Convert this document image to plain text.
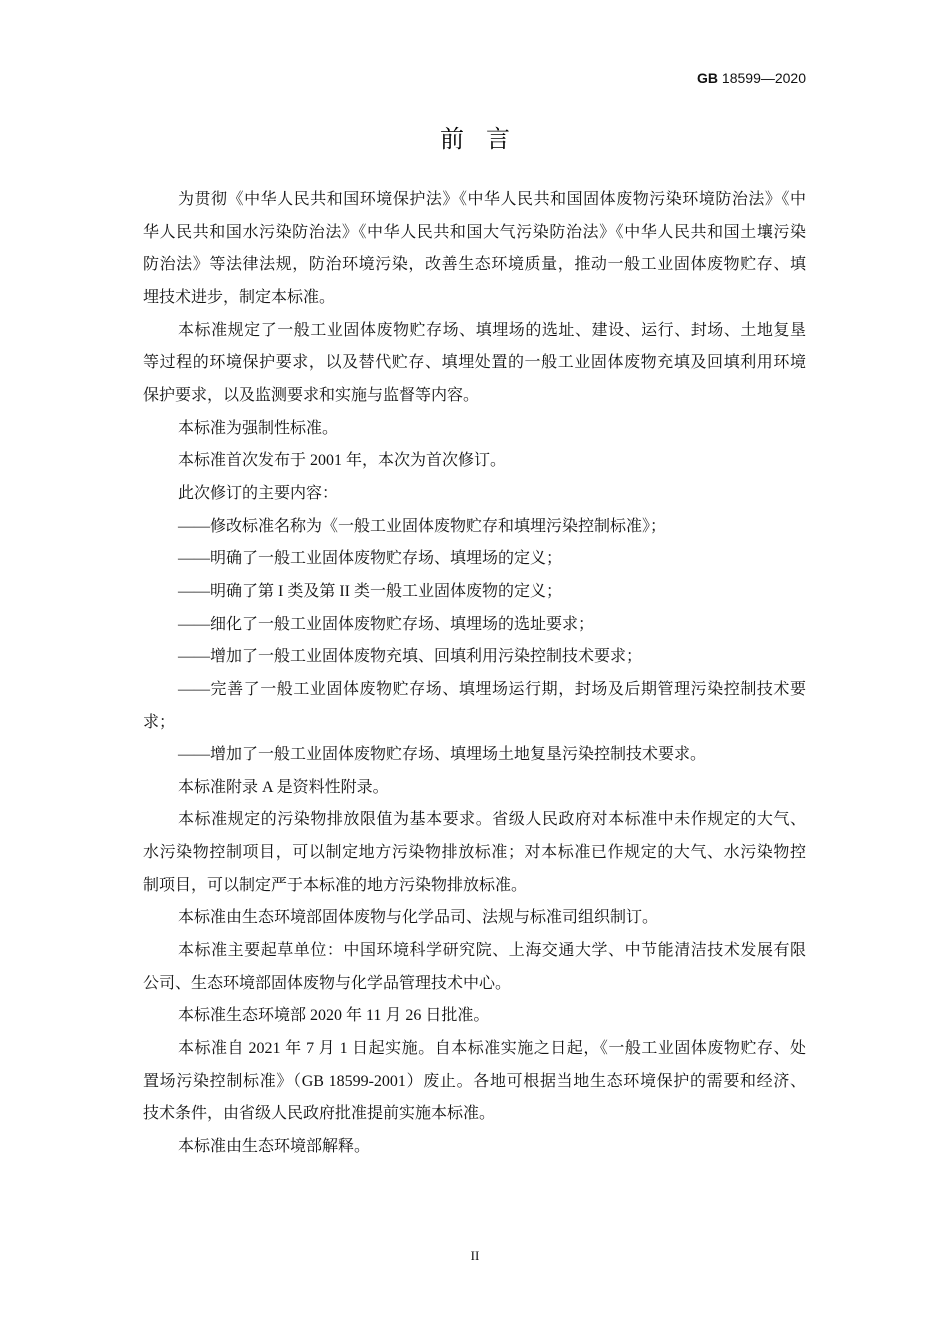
GB 18599—2020
前 言
为贯彻《中华人民共和国环境保护法》《中华人民共和国固体废物污染环境防治法》《中
华人民共和国水污染防治法》《中华人民共和国大气污染防治法》《中华人民共和国土壤污染
防治法》等法律法规，防治环境污染，改善生态环境质量，推动一般工业固体废物贮存、填
埋技术进步，制定本标准。
本标准规定了一般工业固体废物贮存场、填埋场的选址、建设、运行、封场、土地复垦
等过程的环境保护要求，以及替代贮存、填埋处置的一般工业固体废物充填及回填利用环境
保护要求，以及监测要求和实施与监督等内容。
本标准为强制性标准。
本标准首次发布于 2001 年，本次为首次修订。
此次修订的主要内容：
——修改标准名称为《一般工业固体废物贮存和填埋污染控制标准》；
——明确了一般工业固体废物贮存场、填埋场的定义；
——明确了第 I 类及第 II 类一般工业固体废物的定义；
——细化了一般工业固体废物贮存场、填埋场的选址要求；
——增加了一般工业固体废物充填、回填利用污染控制技术要求；
——完善了一般工业固体废物贮存场、填埋场运行期，封场及后期管理污染控制技术要
求；
——增加了一般工业固体废物贮存场、填埋场土地复垦污染控制技术要求。
本标准附录 A 是资料性附录。
本标准规定的污染物排放限值为基本要求。省级人民政府对本标准中未作规定的大气、
水污染物控制项目，可以制定地方污染物排放标准；对本标准已作规定的大气、水污染物控
制项目，可以制定严于本标准的地方污染物排放标准。
本标准由生态环境部固体废物与化学品司、法规与标准司组织制订。
本标准主要起草单位：中国环境科学研究院、上海交通大学、中节能清洁技术发展有限
公司、生态环境部固体废物与化学品管理技术中心。
本标准生态环境部 2020 年 11 月 26 日批准。
本标准自 2021 年 7 月 1 日起实施。自本标准实施之日起，《一般工业固体废物贮存、处
置场污染控制标准》（GB 18599-2001）废止。各地可根据当地生态环境保护的需要和经济、
技术条件，由省级人民政府批准提前实施本标准。
本标准由生态环境部解释。
II
